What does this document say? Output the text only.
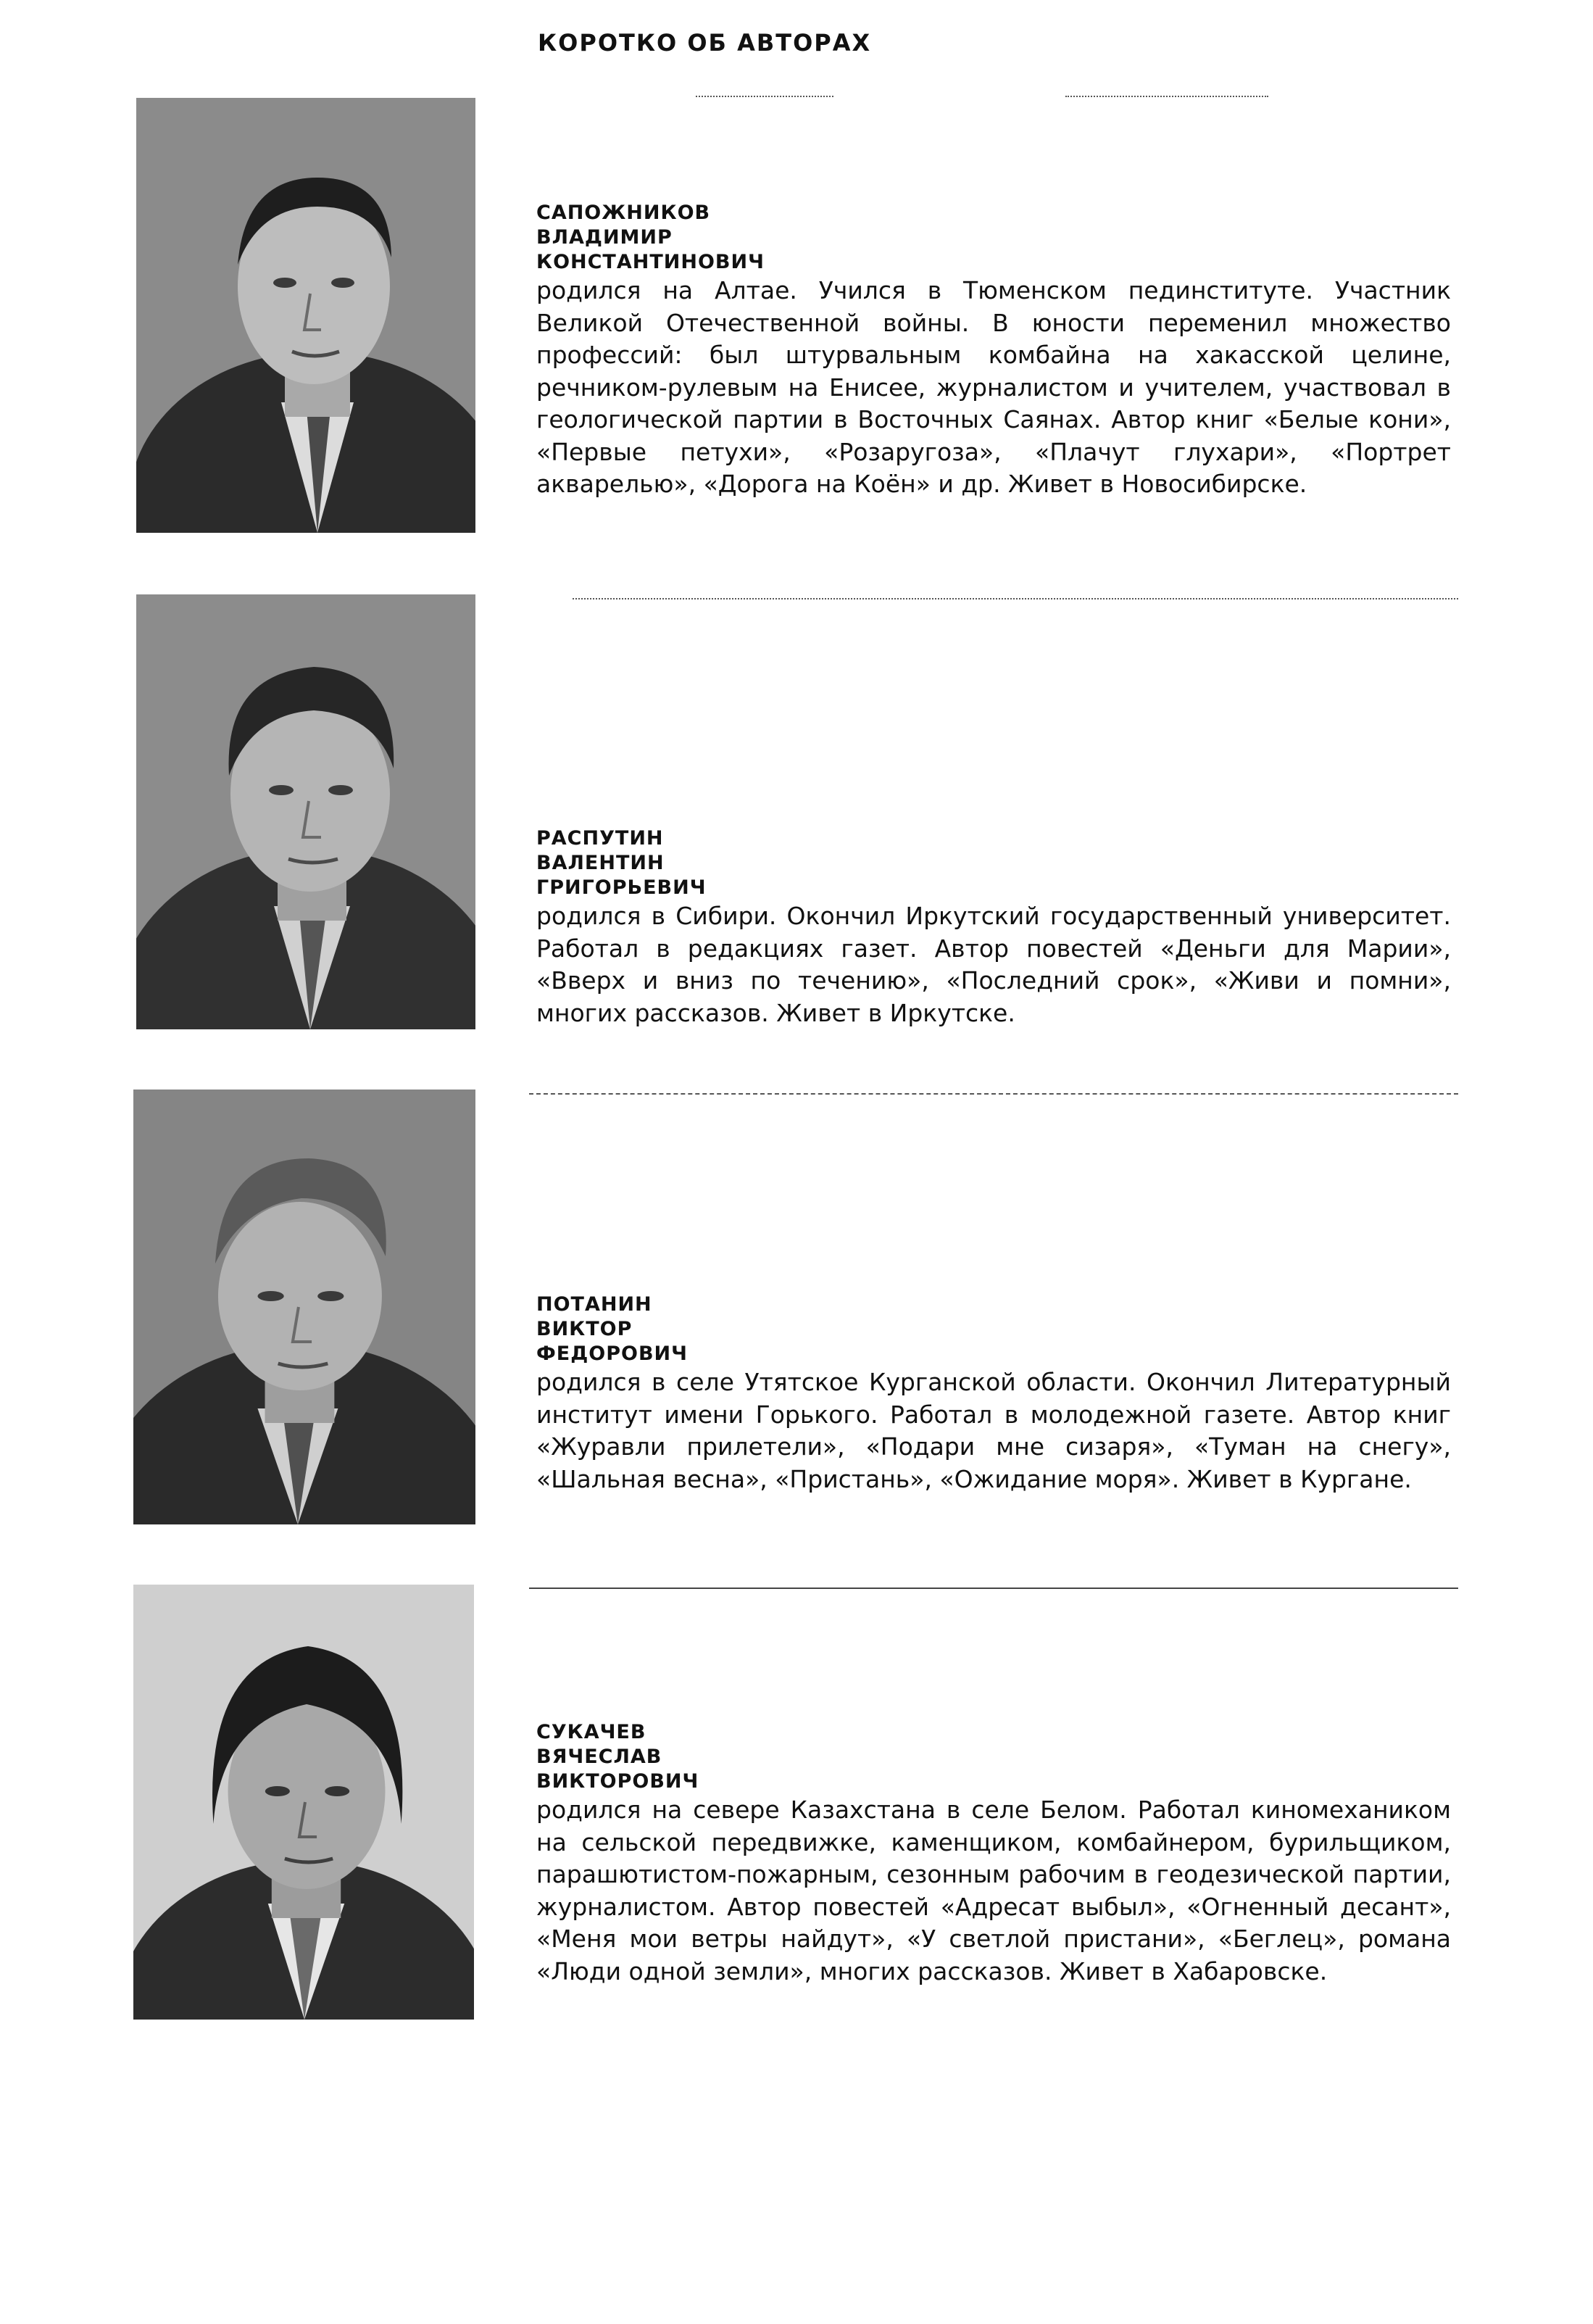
КОРОТКО ОБ АВТОРАХ
САПОЖНИКОВ
ВЛАДИМИР
КОНСТАНТИНОВИЧ

родился на Алтае. Учился в Тюменском пединституте. Участник Великой Отечественной войны. В юности переменил множество профессий: был штурвальным комбайна на хакасской целине, речником-рулевым на Енисее, журналистом и учителем, участвовал в геологической партии в Восточных Саянах. Автор книг «Белые кони», «Первые петухи», «Розаругоза», «Плачут глухари», «Портрет акварелью», «Дорога на Коён» и др. Живет в Новосибирске.

РАСПУТИН
ВАЛЕНТИН
ГРИГОРЬЕВИЧ

родился в Сибири. Окончил Иркутский государственный университет. Работал в редакциях газет. Автор повестей «Деньги для Марии», «Вверх и вниз по течению», «Последний срок», «Живи и помни», многих рассказов. Живет в Иркутске.

ПОТАНИН
ВИКТОР
ФЕДОРОВИЧ

родился в селе Утятское Курганской области. Окончил Литературный институт имени Горького. Работал в молодежной газете. Автор книг «Журавли прилетели», «Подари мне сизаря», «Туман на снегу», «Шальная весна», «Пристань», «Ожидание моря». Живет в Кургане.

СУКАЧЕВ
ВЯЧЕСЛАВ
ВИКТОРОВИЧ

родился на севере Казахстана в селе Белом. Работал киномехаником на сельской передвижке, каменщиком, комбайнером, бурильщиком, парашютистом-пожарным, сезонным рабочим в геодезической партии, журналистом. Автор повестей «Адресат выбыл», «Огненный десант», «Меня мои ветры найдут», «У светлой пристани», «Беглец», романа «Люди одной земли», многих рассказов. Живет в Хабаровске.
